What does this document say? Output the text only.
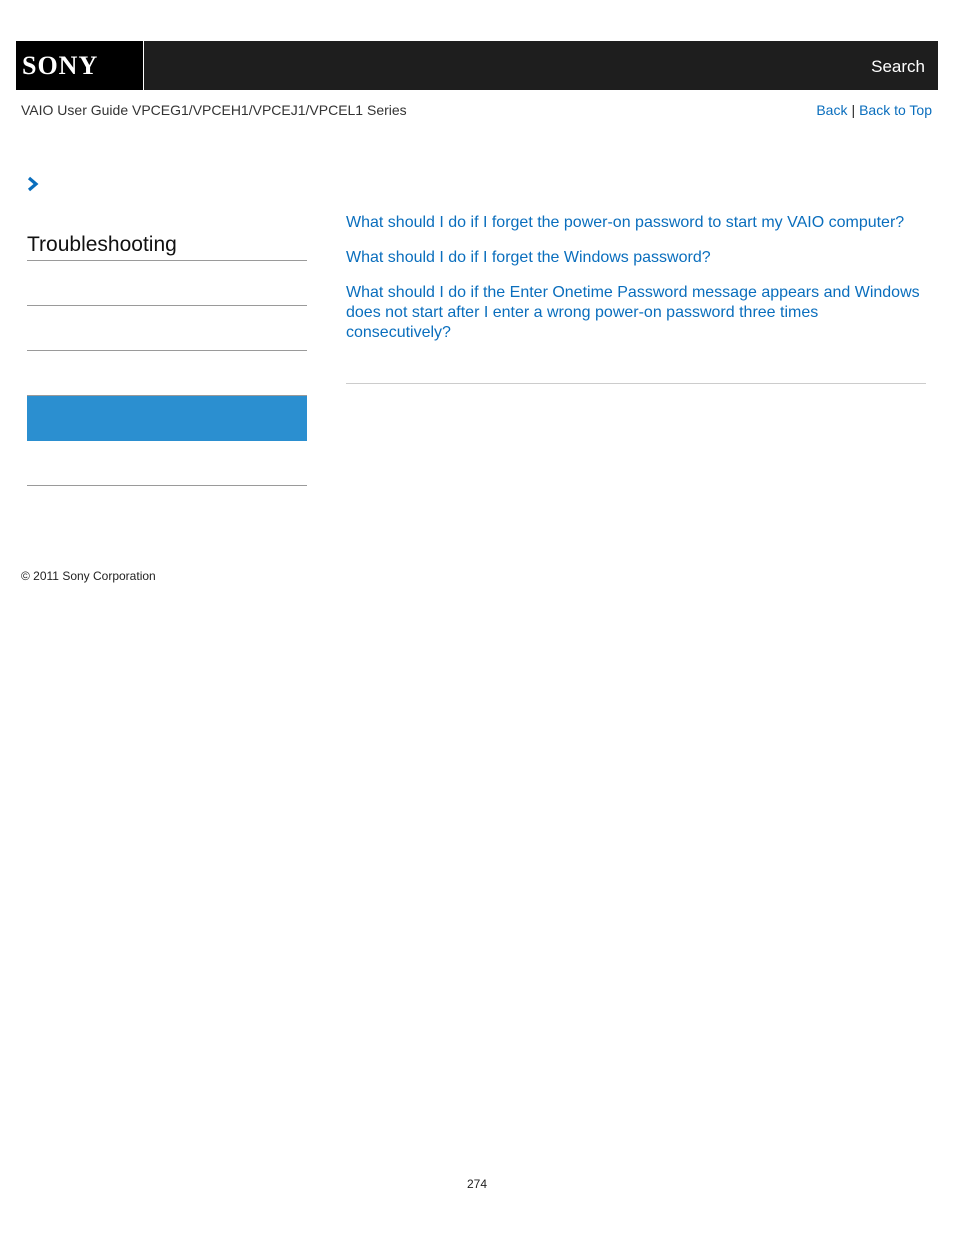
SONY	Search
VAIO User Guide VPCEG1/VPCEH1/VPCEJ1/VPCEL1 Series	Back | Back to Top
Troubleshooting
What should I do if I forget the power-on password to start my VAIO computer?
What should I do if I forget the Windows password?
What should I do if the Enter Onetime Password message appears and Windows does not start after I enter a wrong power-on password three times consecutively?
© 2011 Sony Corporation
274
